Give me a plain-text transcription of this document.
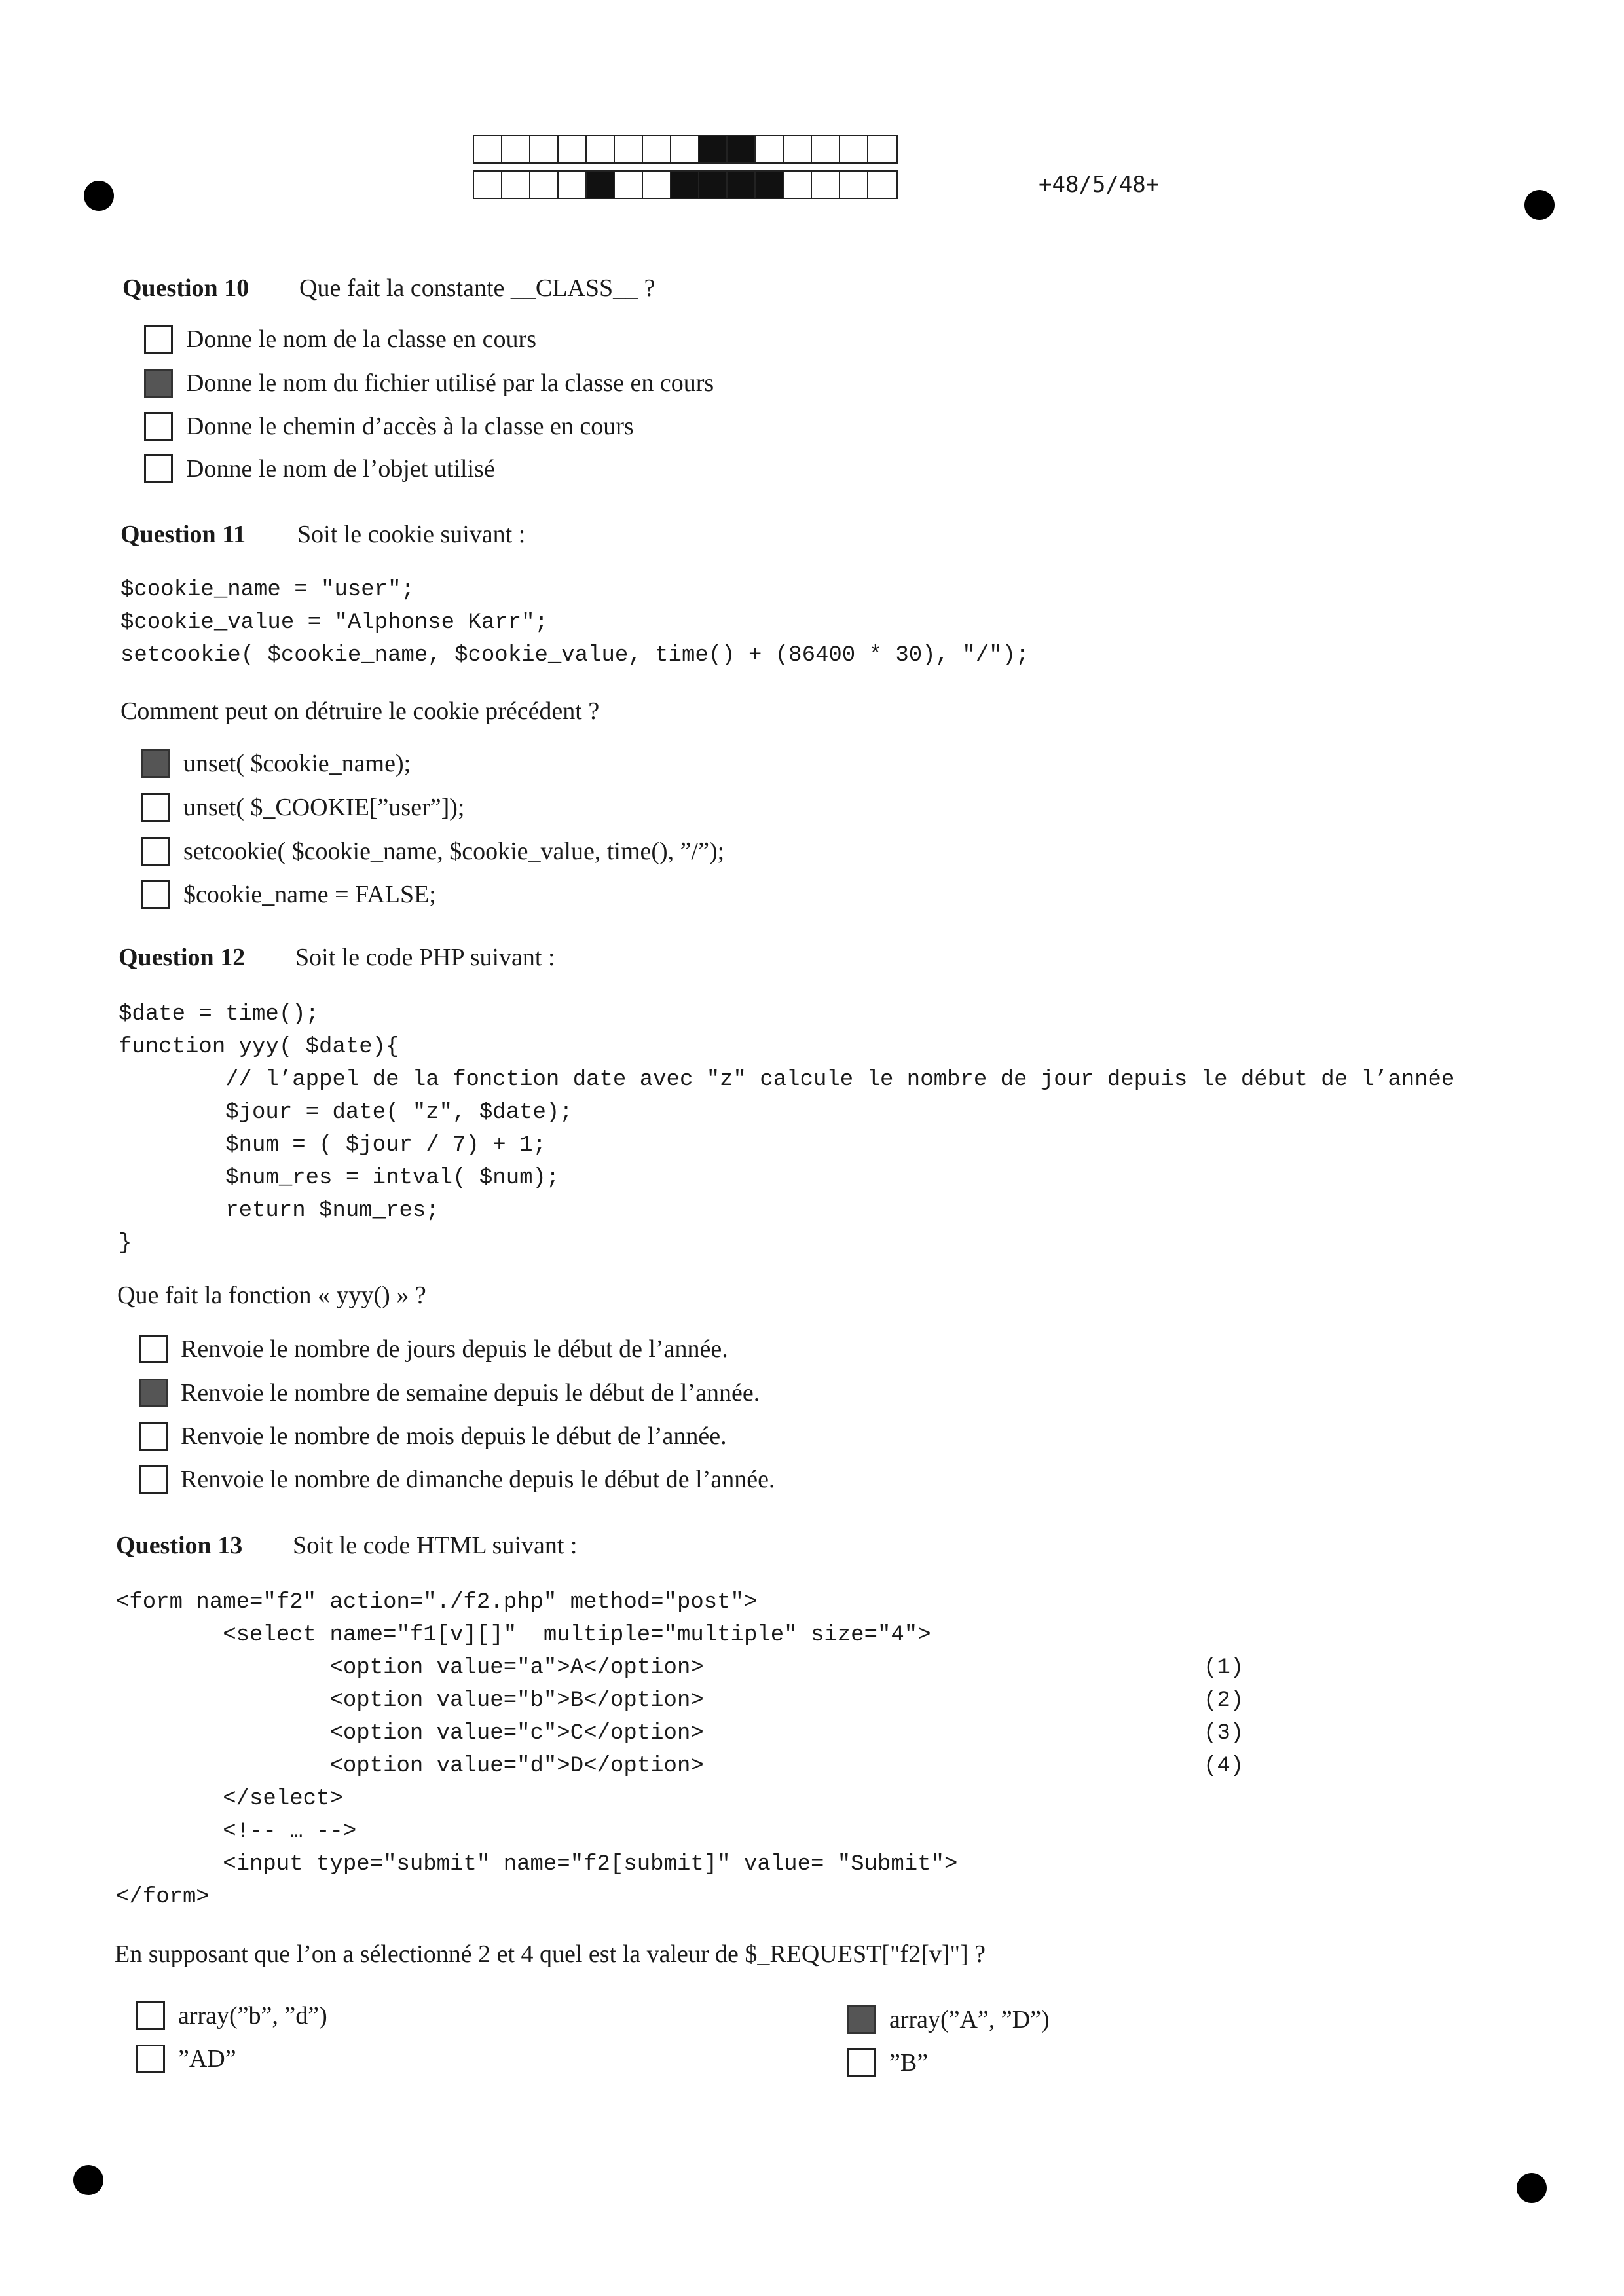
+48/5/48+
Question 10 Que fait la constante __CLASS__ ?
Donne le nom de la classe en cours
Donne le nom du fichier utilisé par la classe en cours
Donne le chemin d’accès à la classe en cours
Donne le nom de l’objet utilisé
Question 11 Soit le cookie suivant :
$cookie_name = "user";
$cookie_value = "Alphonse Karr";
setcookie( $cookie_name, $cookie_value, time() + (86400 * 30), "/");
Comment peut on détruire le cookie précédent ?
unset( $cookie_name);
unset( $_COOKIE[”user”]);
setcookie( $cookie_name, $cookie_value, time(), ”/”);
$cookie_name = FALSE;
Question 12 Soit le code PHP suivant :
$date = time();
function yyy( $date){
// l’appel de la fonction date avec "z" calcule le nombre de jour depuis le début de l’année
$jour = date( "z", $date);
$num = ( $jour / 7) + 1;
$num_res = intval( $num);
return $num_res;
}
Que fait la fonction « yyy() » ?
Renvoie le nombre de jours depuis le début de l’année.
Renvoie le nombre de semaine depuis le début de l’année.
Renvoie le nombre de mois depuis le début de l’année.
Renvoie le nombre de dimanche depuis le début de l’année.
Question 13 Soit le code HTML suivant :
<form name="f2" action="./f2.php" method="post">
<select name="f1[v][]"  multiple="multiple" size="4">
<option value="a">A</option>
<option value="b">B</option>
<option value="c">C</option>
<option value="d">D</option>
</select>
<!-- … -->
<input type="submit" name="f2[submit]" value= "Submit">
</form>
(1)
(2)
(3)
(4)
En supposant que l’on a sélectionné 2 et 4 quel est la valeur de $_REQUEST["f2[v]"] ?
array(”b”, ”d”)
”AD”
array(”A”, ”D”)
”B”
